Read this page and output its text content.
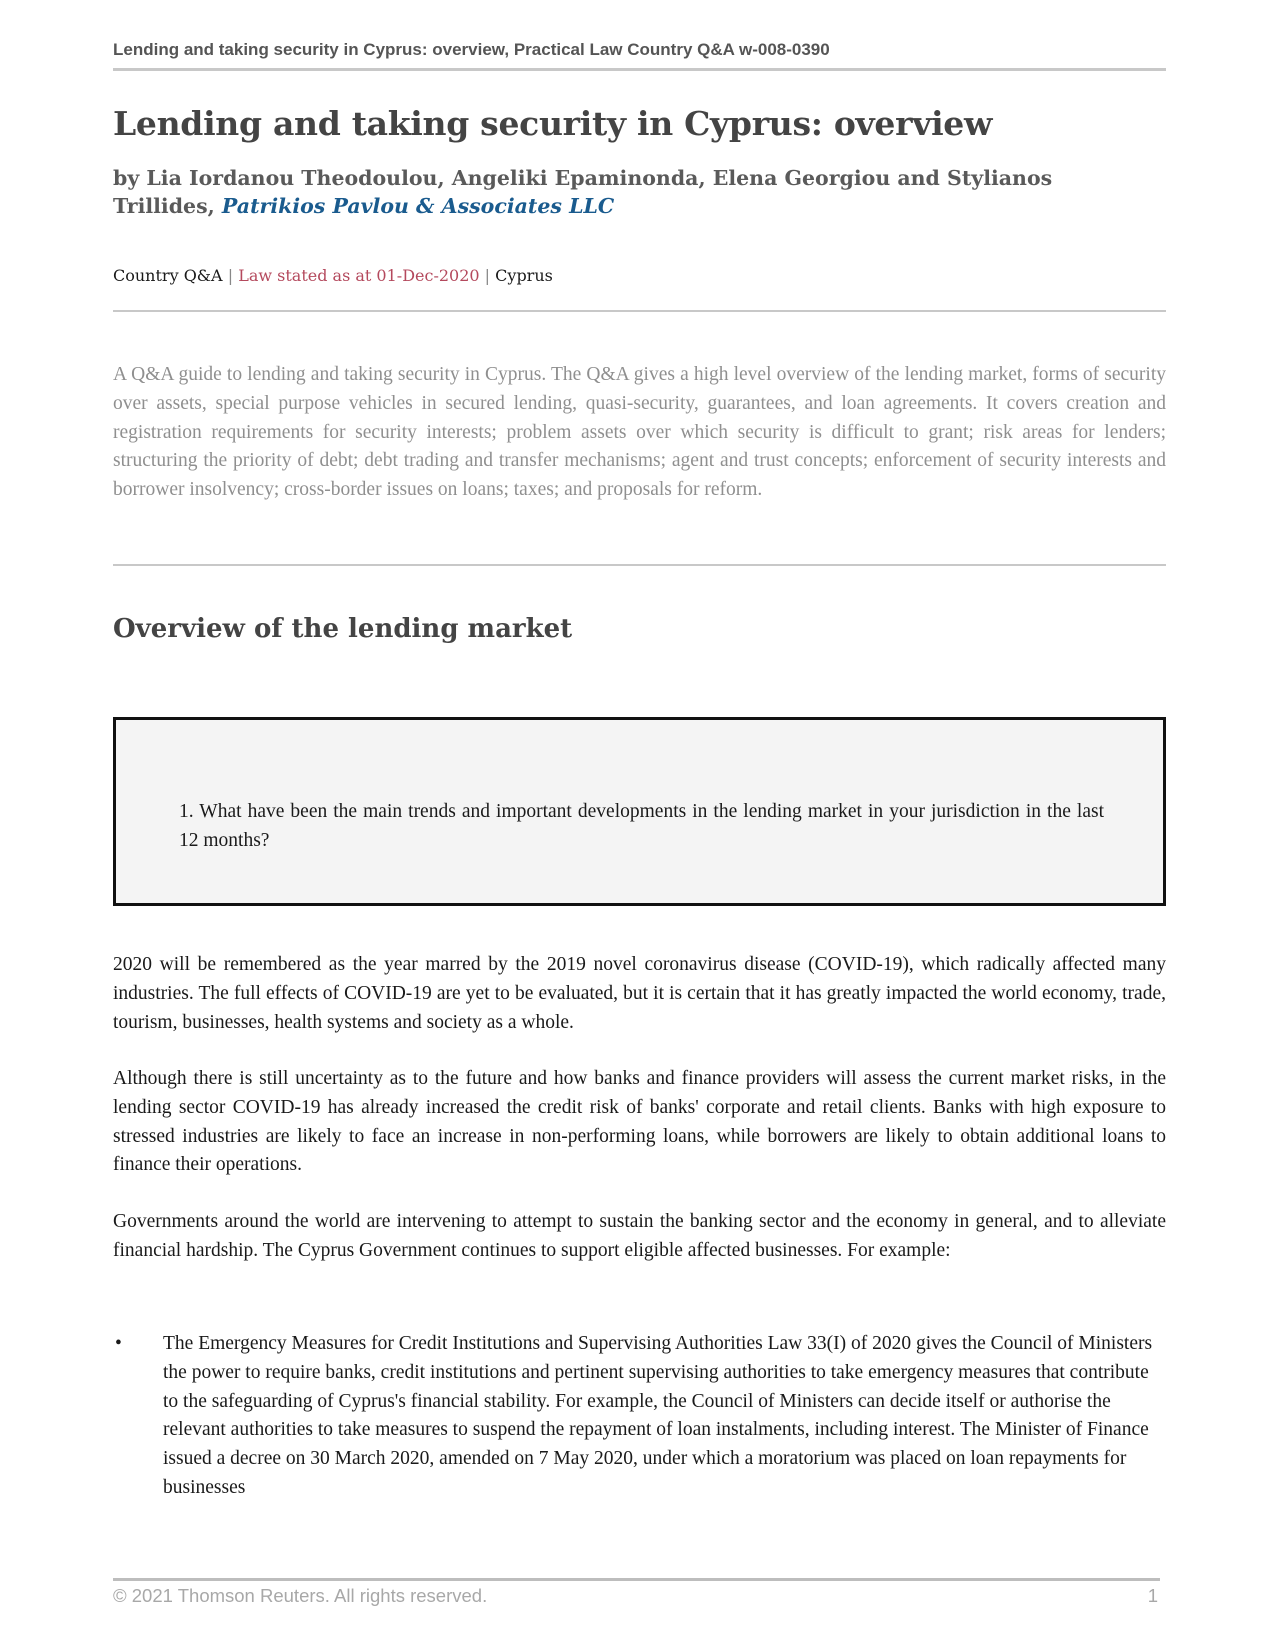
Lending and taking security in Cyprus: overview, Practical Law Country Q&A w-008-0390
Lending and taking security in Cyprus: overview
by Lia Iordanou Theodoulou, Angeliki Epaminonda, Elena Georgiou and Stylianos Trillides, Patrikios Pavlou & Associates LLC
Country Q&A | Law stated as at 01-Dec-2020 | Cyprus

A Q&A guide to lending and taking security in Cyprus. The Q&A gives a high level overview of the lending market, forms of security over assets, special purpose vehicles in secured lending, quasi-security, guarantees, and loan agreements. It covers creation and registration requirements for security interests; problem assets over which security is difficult to grant; risk areas for lenders; structuring the priority of debt; debt trading and transfer mechanisms; agent and trust concepts; enforcement of security interests and borrower insolvency; cross-border issues on loans; taxes; and proposals for reform.

Overview of the lending market

1. What have been the main trends and important developments in the lending market in your jurisdiction in the last 12 months?

2020 will be remembered as the year marred by the 2019 novel coronavirus disease (COVID-19), which radically affected many industries. The full effects of COVID-19 are yet to be evaluated, but it is certain that it has greatly impacted the world economy, trade, tourism, businesses, health systems and society as a whole.

Although there is still uncertainty as to the future and how banks and finance providers will assess the current market risks, in the lending sector COVID-19 has already increased the credit risk of banks' corporate and retail clients. Banks with high exposure to stressed industries are likely to face an increase in non-performing loans, while borrowers are likely to obtain additional loans to finance their operations.

Governments around the world are intervening to attempt to sustain the banking sector and the economy in general, and to alleviate financial hardship. The Cyprus Government continues to support eligible affected businesses. For example:

• The Emergency Measures for Credit Institutions and Supervising Authorities Law 33(I) of 2020 gives the Council of Ministers the power to require banks, credit institutions and pertinent supervising authorities to take emergency measures that contribute to the safeguarding of Cyprus's financial stability. For example, the Council of Ministers can decide itself or authorise the relevant authorities to take measures to suspend the repayment of loan instalments, including interest. The Minister of Finance issued a decree on 30 March 2020, amended on 7 May 2020, under which a moratorium was placed on loan repayments for businesses

© 2021 Thomson Reuters. All rights reserved.	1
